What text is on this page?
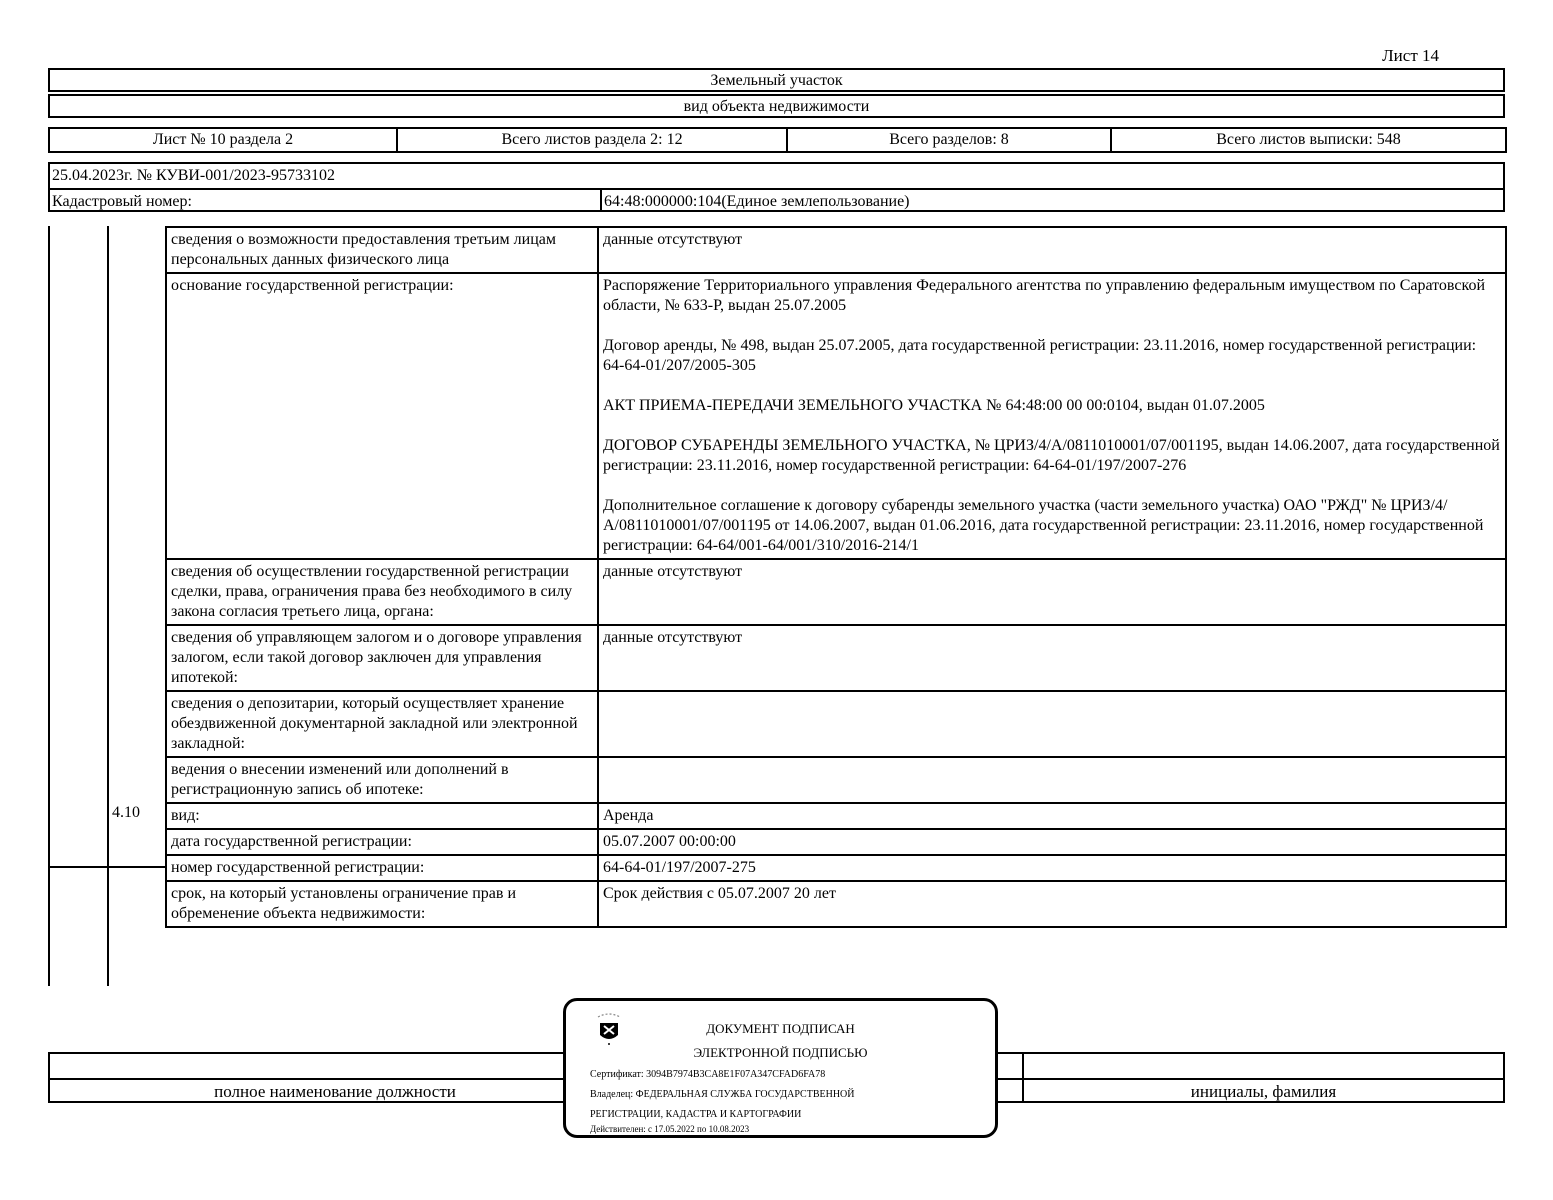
Лист 14
Земельный участок
вид объекта недвижимости
Лист № 10 раздела 2	Всего листов раздела 2: 12	Всего разделов: 8	Всего листов выписки: 548
25.04.2023г. № КУВИ-001/2023-95733102
Кадастровый номер:	64:48:000000:104(Единое землепользование)
сведения о возможности предоставления третьим лицам персональных данных физического лица	данные отсутствуют

основание государственной регистрации:	Распоряжение Территориального управления Федерального агентства по управлению федеральным имуществом по Саратовской области, № 633-Р, выдан 25.07.2005

Договор аренды, № 498, выдан 25.07.2005, дата государственной регистрации: 23.11.2016, номер государственной регистрации: 64-64-01/207/2005-305

АКТ ПРИЕМА-ПЕРЕДАЧИ ЗЕМЕЛЬНОГО УЧАСТКА № 64:48:00 00 00:0104, выдан 01.07.2005

ДОГОВОР СУБАРЕНДЫ ЗЕМЕЛЬНОГО УЧАСТКА, № ЦРИЗ/4/А/0811010001/07/001195, выдан 14.06.2007, дата государственной регистрации: 23.11.2016, номер государственной регистрации: 64-64-01/197/2007-276

Дополнительное соглашение к договору субаренды земельного участка (части земельного участка) ОАО "РЖД" № ЦРИЗ/4/А/0811010001/07/001195 от 14.06.2007, выдан 01.06.2016, дата государственной регистрации: 23.11.2016, номер государственной регистрации: 64-64/001-64/001/310/2016-214/1

сведения об осуществлении государственной регистрации сделки, права, ограничения права без необходимого в силу закона согласия третьего лица, органа:	данные отсутствуют

сведения об управляющем залогом и о договоре управления залогом, если такой договор заключен для управления ипотекой:	данные отсутствуют

сведения о депозитарии, который осуществляет хранение обездвиженной документарной закладной или электронной закладной:	

ведения о внесении изменений или дополнений в регистрационную запись об ипотеке:	

вид:	Аренда

дата государственной регистрации:	05.07.2007 00:00:00

номер государственной регистрации:	64-64-01/197/2007-275

срок, на который установлены ограничение прав и обременение объекта недвижимости:	Срок действия с 05.07.2007 20 лет

4.10
полное наименование должности	инициалы, фамилия
ДОКУМЕНТ ПОДПИСАН
ЭЛЕКТРОННОЙ ПОДПИСЬЮ
Сертификат: 3094B7974B3CA8E1F07A347CFAD6FA78
Владелец: ФЕДЕРАЛЬНАЯ СЛУЖБА ГОСУДАРСТВЕННОЙ
РЕГИСТРАЦИИ, КАДАСТРА И КАРТОГРАФИИ
Действителен: с 17.05.2022 по 10.08.2023
